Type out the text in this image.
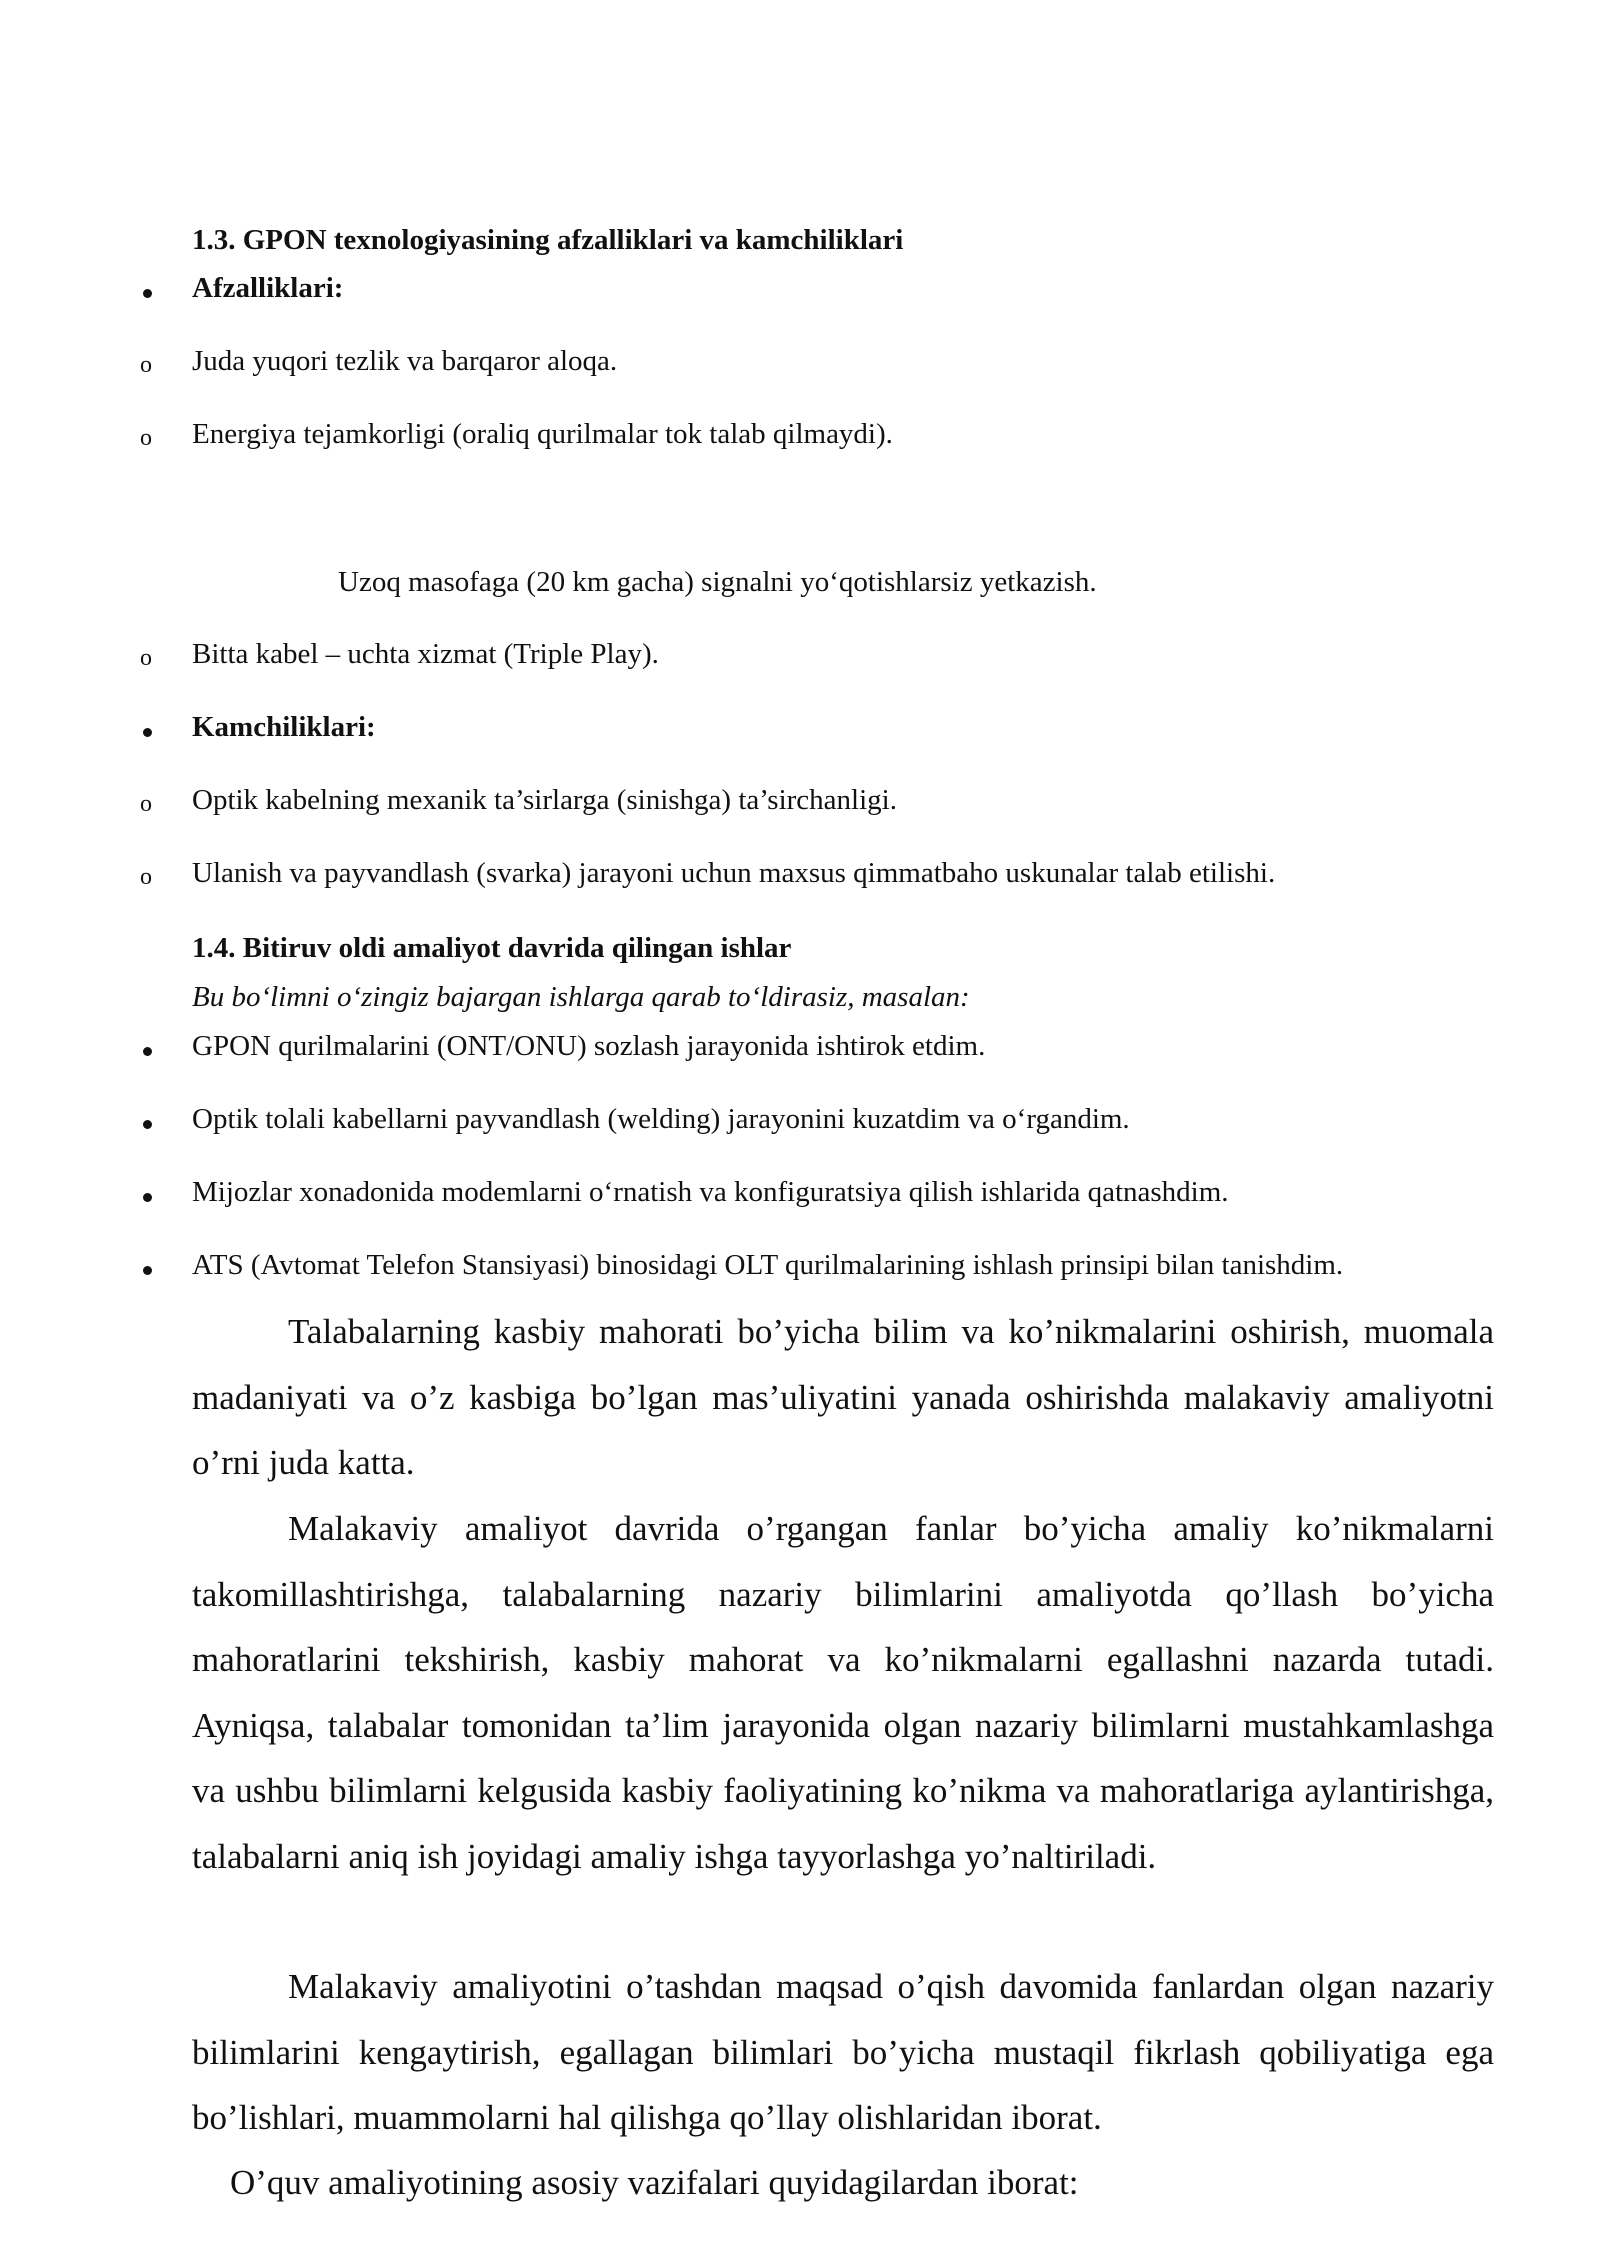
1.3. GPON texnologiyasining afzalliklari va kamchiliklari
Afzalliklari:
o Juda yuqori tezlik va barqaror aloqa.
o Energiya tejamkorligi (oraliq qurilmalar tok talab qilmaydi).
Uzoq masofaga (20 km gacha) signalni yo‘qotishlarsiz yetkazish.
o Bitta kabel – uchta xizmat (Triple Play).
Kamchiliklari:
o Optik kabelning mexanik ta’sirlarga (sinishga) ta’sirchanligi.
o Ulanish va payvandlash (svarka) jarayoni uchun maxsus qimmatbaho uskunalar talab etilishi.
1.4. Bitiruv oldi amaliyot davrida qilingan ishlar
Bu bo‘limni o‘zingiz bajargan ishlarga qarab to‘ldirasiz, masalan:
GPON qurilmalarini (ONT/ONU) sozlash jarayonida ishtirok etdim.
Optik tolali kabellarni payvandlash (welding) jarayonini kuzatdim va o‘rgandim.
Mijozlar xonadonida modemlarni o‘rnatish va konfiguratsiya qilish ishlarida qatnashdim.
ATS (Avtomat Telefon Stansiyasi) binosidagi OLT qurilmalarining ishlash prinsipi bilan tanishdim.
Talabalarning kasbiy mahorati bo’yicha bilim va ko’nikmalarini oshirish, muomala madaniyati va o’z kasbiga bo’lgan mas’uliyatini yanada oshirishda malakaviy amaliyotni o’rni juda katta.
Malakaviy amaliyot davrida o’rgangan fanlar bo’yicha amaliy ko’nikmalarni takomillashtirishga, talabalarning nazariy bilimlarini amaliyotda qo’llash bo’yicha mahoratlarini tekshirish, kasbiy mahorat va ko’nikmalarni egallashni nazarda tutadi. Ayniqsa, talabalar tomonidan ta’lim jarayonida olgan nazariy bilimlarni mustahkamlashga va ushbu bilimlarni kelgusida kasbiy faoliyatining ko’nikma va mahoratlariga aylantirishga, talabalarni aniq ish joyidagi amaliy ishga tayyorlashga yo’naltiriladi.
Malakaviy amaliyotini o’tashdan maqsad o’qish davomida fanlardan olgan nazariy bilimlarini kengaytirish, egallagan bilimlari bo’yicha mustaqil fikrlash qobiliyatiga ega bo’lishlari, muammolarni hal qilishga qo’llay olishlaridan iborat.
O’quv amaliyotining asosiy vazifalari quyidagilardan iborat:
